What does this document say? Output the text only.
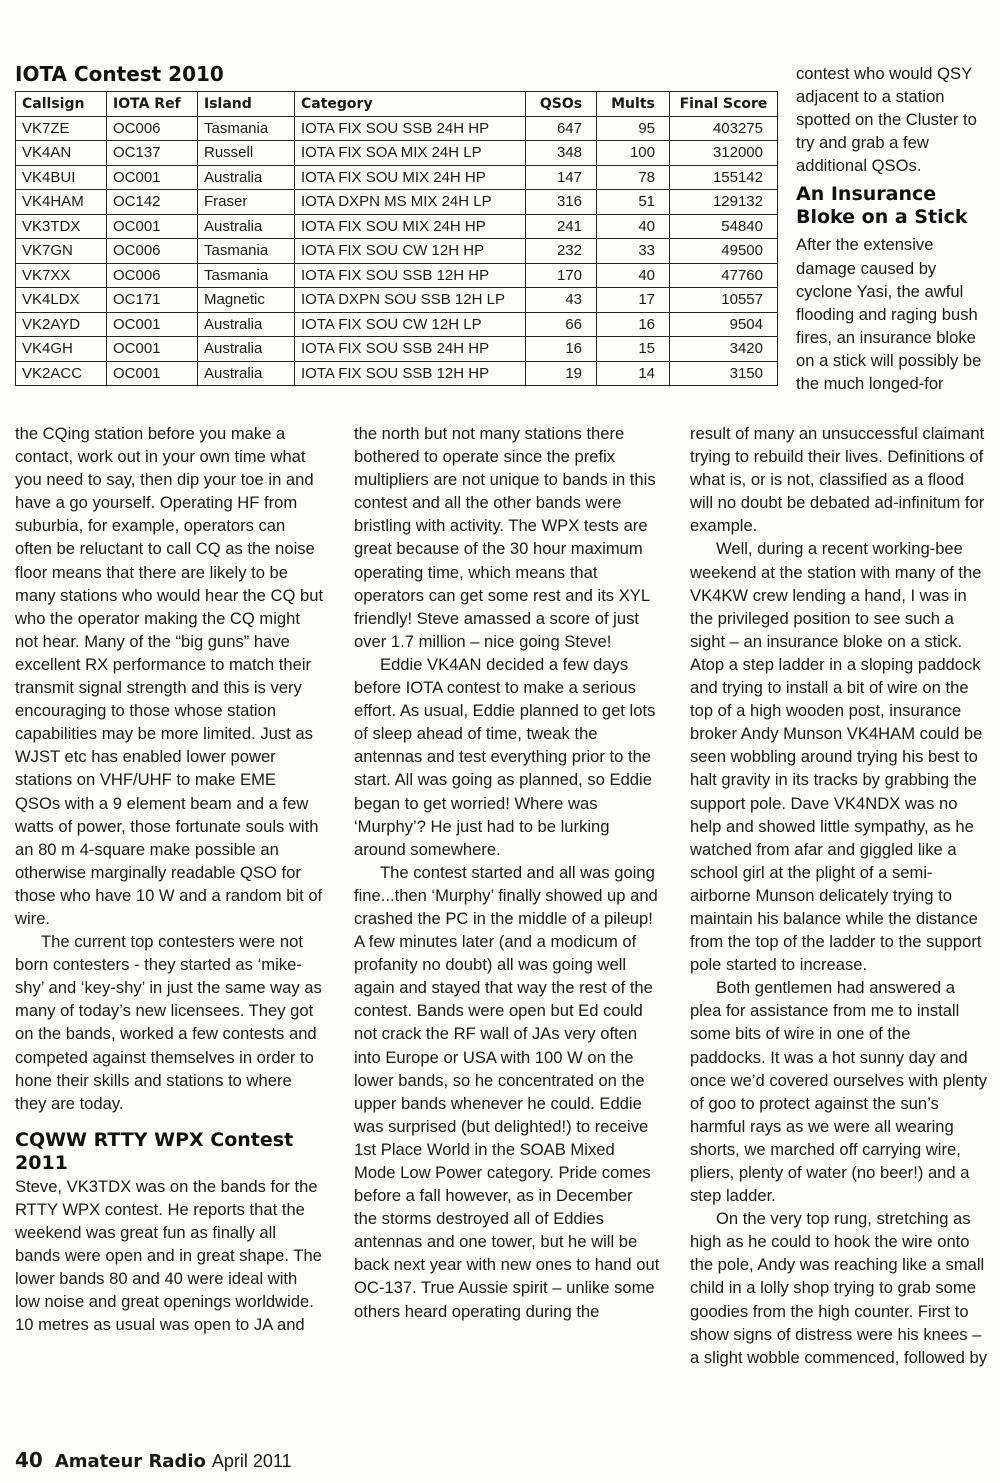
IOTA Contest 2010
Callsign	IOTA Ref	Island	Category	QSOs	Mults	Final Score
VK7ZE	OC006	Tasmania	IOTA FIX SOU SSB 24H HP	647	95	403275
VK4AN	OC137	Russell	IOTA FIX SOA MIX 24H LP	348	100	312000
VK4BUI	OC001	Australia	IOTA FIX SOU MIX 24H HP	147	78	155142
VK4HAM	OC142	Fraser	IOTA DXPN MS MIX 24H LP	316	51	129132
VK3TDX	OC001	Australia	IOTA FIX SOU MIX 24H HP	241	40	54840
VK7GN	OC006	Tasmania	IOTA FIX SOU CW 12H HP	232	33	49500
VK7XX	OC006	Tasmania	IOTA FIX SOU SSB 12H HP	170	40	47760
VK4LDX	OC171	Magnetic	IOTA DXPN SOU SSB 12H LP	43	17	10557
VK2AYD	OC001	Australia	IOTA FIX SOU CW 12H LP	66	16	9504
VK4GH	OC001	Australia	IOTA FIX SOU SSB 24H HP	16	15	3420
VK2ACC	OC001	Australia	IOTA FIX SOU SSB 12H HP	19	14	3150

contest who would QSY adjacent to a station spotted on the Cluster to try and grab a few additional QSOs.

An Insurance Bloke on a Stick

After the extensive damage caused by cyclone Yasi, the awful flooding and raging bush fires, an insurance bloke on a stick will possibly be the much longed-for

the CQing station before you make a contact, work out in your own time what you need to say, then dip your toe in and have a go yourself. Operating HF from suburbia, for example, operators can often be reluctant to call CQ as the noise floor means that there are likely to be many stations who would hear the CQ but who the operator making the CQ might not hear. Many of the “big guns” have excellent RX performance to match their transmit signal strength and this is very encouraging to those whose station capabilities may be more limited. Just as WJST etc has enabled lower power stations on VHF/UHF to make EME QSOs with a 9 element beam and a few watts of power, those fortunate souls with an 80 m 4-square make possible an otherwise marginally readable QSO for those who have 10 W and a random bit of wire.

The current top contesters were not born contesters - they started as ‘mike-shy’ and ‘key-shy’ in just the same way as many of today’s new licensees. They got on the bands, worked a few contests and competed against themselves in order to hone their skills and stations to where they are today.

CQWW RTTY WPX Contest 2011

Steve, VK3TDX was on the bands for the RTTY WPX contest. He reports that the weekend was great fun as finally all bands were open and in great shape. The lower bands 80 and 40 were ideal with low noise and great openings worldwide. 10 metres as usual was open to JA and

the north but not many stations there bothered to operate since the prefix multipliers are not unique to bands in this contest and all the other bands were bristling with activity. The WPX tests are great because of the 30 hour maximum operating time, which means that operators can get some rest and its XYL friendly! Steve amassed a score of just over 1.7 million – nice going Steve!

Eddie VK4AN decided a few days before IOTA contest to make a serious effort. As usual, Eddie planned to get lots of sleep ahead of time, tweak the antennas and test everything prior to the start. All was going as planned, so Eddie began to get worried! Where was ‘Murphy’? He just had to be lurking around somewhere.

The contest started and all was going fine...then ‘Murphy’ finally showed up and crashed the PC in the middle of a pileup! A few minutes later (and a modicum of profanity no doubt) all was going well again and stayed that way the rest of the contest. Bands were open but Ed could not crack the RF wall of JAs very often into Europe or USA with 100 W on the lower bands, so he concentrated on the upper bands whenever he could. Eddie was surprised (but delighted!) to receive 1st Place World in the SOAB Mixed Mode Low Power category. Pride comes before a fall however, as in December the storms destroyed all of Eddies antennas and one tower, but he will be back next year with new ones to hand out OC-137. True Aussie spirit – unlike some others heard operating during the

result of many an unsuccessful claimant trying to rebuild their lives. Definitions of what is, or is not, classified as a flood will no doubt be debated ad-infinitum for example.

Well, during a recent working-bee weekend at the station with many of the VK4KW crew lending a hand, I was in the privileged position to see such a sight – an insurance bloke on a stick. Atop a step ladder in a sloping paddock and trying to install a bit of wire on the top of a high wooden post, insurance broker Andy Munson VK4HAM could be seen wobbling around trying his best to halt gravity in its tracks by grabbing the support pole. Dave VK4NDX was no help and showed little sympathy, as he watched from afar and giggled like a school girl at the plight of a semi-airborne Munson delicately trying to maintain his balance while the distance from the top of the ladder to the support pole started to increase.

Both gentlemen had answered a plea for assistance from me to install some bits of wire in one of the paddocks. It was a hot sunny day and once we’d covered ourselves with plenty of goo to protect against the sun’s harmful rays as we were all wearing shorts, we marched off carrying wire, pliers, plenty of water (no beer!) and a step ladder.

On the very top rung, stretching as high as he could to hook the wire onto the pole, Andy was reaching like a small child in a lolly shop trying to grab some goodies from the high counter. First to show signs of distress were his knees – a slight wobble commenced, followed by

40 Amateur Radio April 2011
